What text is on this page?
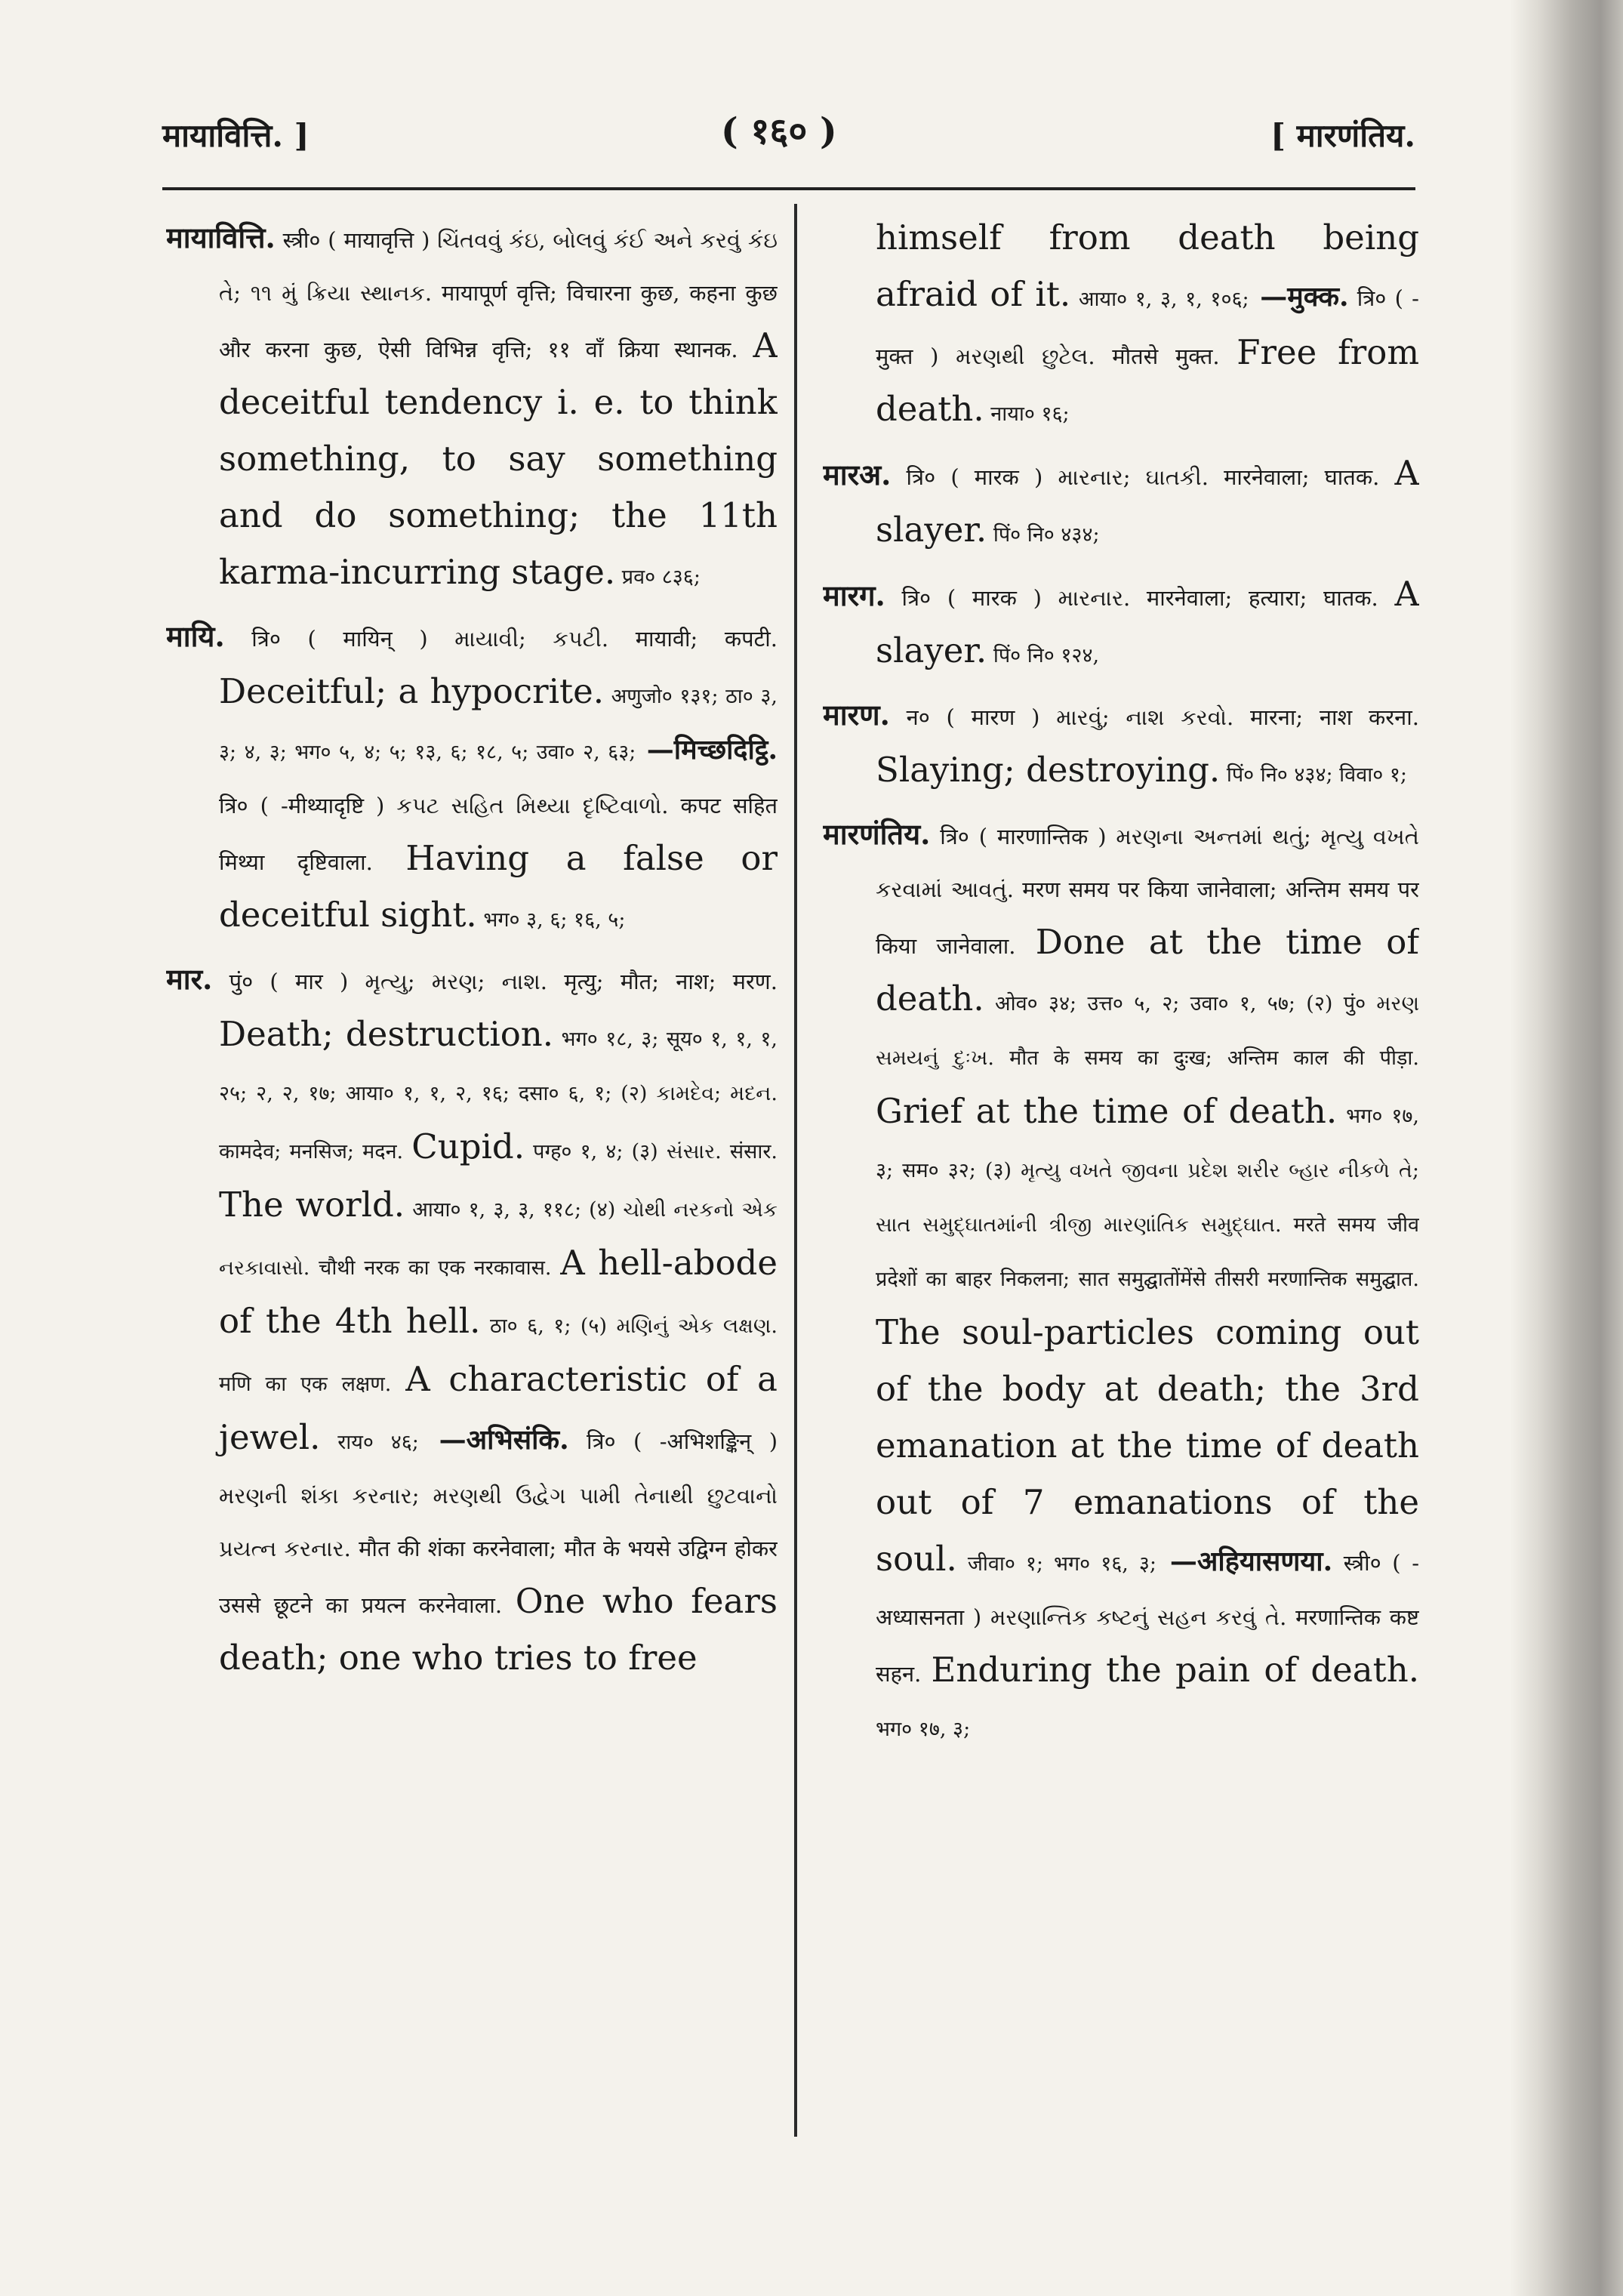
मायावित्ति. ]	( १६० )	[ मारणंतिय.

मायावित्ति. स्त्री० ( मायावृत्ति ) ચિંતવવું કંઇ, બોલવું કંઈ અને કરવું કંઇ તે; ૧૧ મું ક્રિયા સ્થાનક. मायापूर्ण वृत्ति; विचारना कुछ, कहना कुछ और करना कुछ, ऐसी विभिन्न वृत्ति; ११ वाँ क्रिया स्थानक. A deceitful tendency i. e. to think something, to say something and do something; the 11th karma-incurring stage. प्रव० ८३६;

मायि. त्रि० ( मायिन् ) માયાવી; કપટી. मायावी; कपटी. Deceitful; a hypocrite. अणुजो० १३१; ठा० ३, ३; ४, ३; भग० ५, ४; ५; १३, ६; १८, ५; उवा० २, ६३; —मिच्छदिट्ठि. त्रि० ( -मीथ्यादृष्टि ) કપટ સહિત મિથ્યા દૃષ્ટિવાળો. कपट सहित मिथ्या दृष्टिवाला. Having a false or deceitful sight. भग० ३, ६; १६, ५;

मार. पुं० ( मार ) મૃત્યુ; મરણ; નાશ. मृत्यु; मौत; नाश; मरण. Death; destruction. भग० १८, ३; सूय० १, १, १, २५; २, २, १७; आया० १, १, २, १६; दसा० ६, १; (२) કામદેવ; મદન. कामदेव; मनसिज; मदन. Cupid. पग्ह० १, ४; (३) સંસાર. संसार. The world. आया० १, ३, ३, ११८; (४) ચોથી નરકનો એક નરકાવાસો. चौथी नरक का एक नरकावास. A hell-abode of the 4th hell. ठा० ६, १; (५) મણિનું એક લક્ષણ. मणि का एक लक्षण. A characteristic of a jewel. राय० ४६; —अभिसंकि. त्रि० ( -अभिशङ्किन् ) મરણની શંકા કરનાર; મરણથી ઉદ્વેગ પામી તેનાથી છુટવાનો પ્રયત્ન કરનાર. मौत की शंका करनेवाला; मौत के भयसे उद्विग्न होकर उससे छूटने का प्रयत्न करनेवाला. One who fears death; one who tries to free

himself from death being afraid of it. आया० १, ३, १, १०६; —मुक्क. त्रि० ( -मुक्त ) મરણથી છુટેલ. मौतसे मुक्त. Free from death. नाया० १६;

मारअ. त्रि० ( मारक ) મારનાર; ઘાતકી. मारनेवाला; घातक. A slayer. पिं० नि० ४३४;

मारग. त्रि० ( मारक ) મારનાર. मारनेवाला; हत्यारा; घातक. A slayer. पिं० नि० १२४,

मारण. न० ( मारण ) મારવું; નાશ કરવો. मारना; नाश करना. Slaying; destroying. पिं० नि० ४३४; विवा० १;

मारणंतिय. त्रि० ( मारणान्तिक ) મરણના અન્તમાં થતું; મૃત્યુ વખતે કરવામાં આવતું. मरण समय पर किया जानेवाला; अन्तिम समय पर किया जानेवाला. Done at the time of death. ओव० ३४; उत्त० ५, २; उवा० १, ५७; (२) पुं० મરણ સમયનું દુઃખ. मौत के समय का दुःख; अन्तिम काल की पीड़ा. Grief at the time of death. भग० १७, ३; सम० ३२; (३) મૃત્યુ વખતે જીવના પ્રદેશ શરીર બ્હાર નીકળે તે; સાત સમુદ્ઘાતમાંની ત્રીજી મારણાંતિક સમુદ્ઘાત. मरते समय जीव प्रदेशों का बाहर निकलना; सात समुद्घातोंमेंसे तीसरी मरणान्तिक समुद्घात. The soul-particles coming out of the body at death; the 3rd emanation at the time of death out of 7 emanations of the soul. जीवा० १; भग० १६, ३; —अहियासणया. स्त्री० ( -अध्यासनता ) મરણાન્તિક કષ્ટનું સહન કરવું તે. मरणान्तिक कष्ट सहन. Enduring the pain of death. भग० १७, ३;
